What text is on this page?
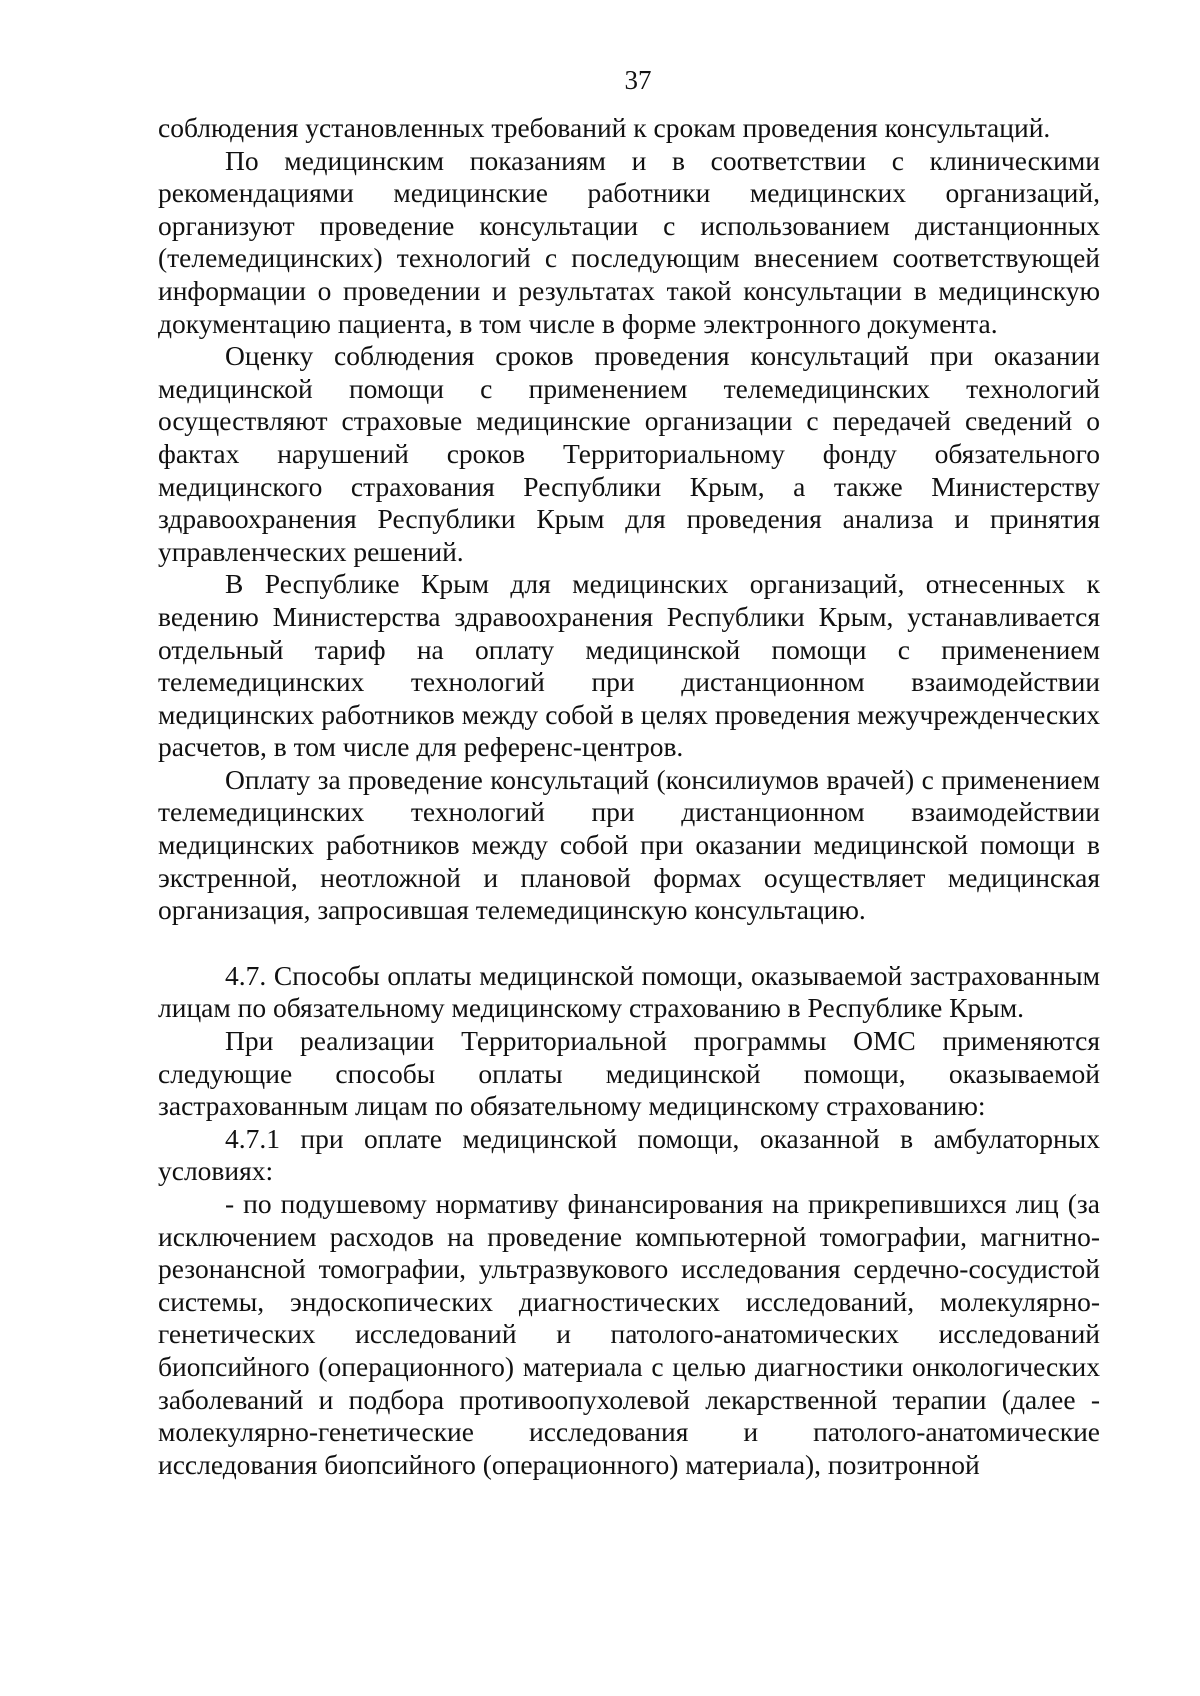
37

соблюдения установленных требований к срокам проведения консультаций.

По медицинским показаниям и в соответствии с клиническими рекомендациями медицинские работники медицинских организаций, организуют проведение консультации с использованием дистанционных (телемедицинских) технологий с последующим внесением соответствующей информации о проведении и результатах такой консультации в медицинскую документацию пациента, в том числе в форме электронного документа.

Оценку соблюдения сроков проведения консультаций при оказании медицинской помощи с применением телемедицинских технологий осуществляют страховые медицинские организации с передачей сведений о фактах нарушений сроков Территориальному фонду обязательного медицинского страхования Республики Крым, а также Министерству здравоохранения Республики Крым для проведения анализа и принятия управленческих решений.

В Республике Крым для медицинских организаций, отнесенных к ведению Министерства здравоохранения Республики Крым, устанавливается отдельный тариф на оплату медицинской помощи с применением телемедицинских технологий при дистанционном взаимодействии медицинских работников между собой в целях проведения межучрежденческих расчетов, в том числе для референс-центров.

Оплату за проведение консультаций (консилиумов врачей) с применением телемедицинских технологий при дистанционном взаимодействии медицинских работников между собой при оказании медицинской помощи в экстренной, неотложной и плановой формах осуществляет медицинская организация, запросившая телемедицинскую консультацию.

4.7. Способы оплаты медицинской помощи, оказываемой застрахованным лицам по обязательному медицинскому страхованию в Республике Крым.

При реализации Территориальной программы ОМС применяются следующие способы оплаты медицинской помощи, оказываемой застрахованным лицам по обязательному медицинскому страхованию:

4.7.1 при оплате медицинской помощи, оказанной в амбулаторных условиях:

- по подушевому нормативу финансирования на прикрепившихся лиц (за исключением расходов на проведение компьютерной томографии, магнитно-резонансной томографии, ультразвукового исследования сердечно-сосудистой системы, эндоскопических диагностических исследований, молекулярно-генетических исследований и патолого-анатомических исследований биопсийного (операционного) материала с целью диагностики онкологических заболеваний и подбора противоопухолевой лекарственной терапии (далее - молекулярно-генетические исследования и патолого-анатомические исследования биопсийного (операционного) материала), позитронной
